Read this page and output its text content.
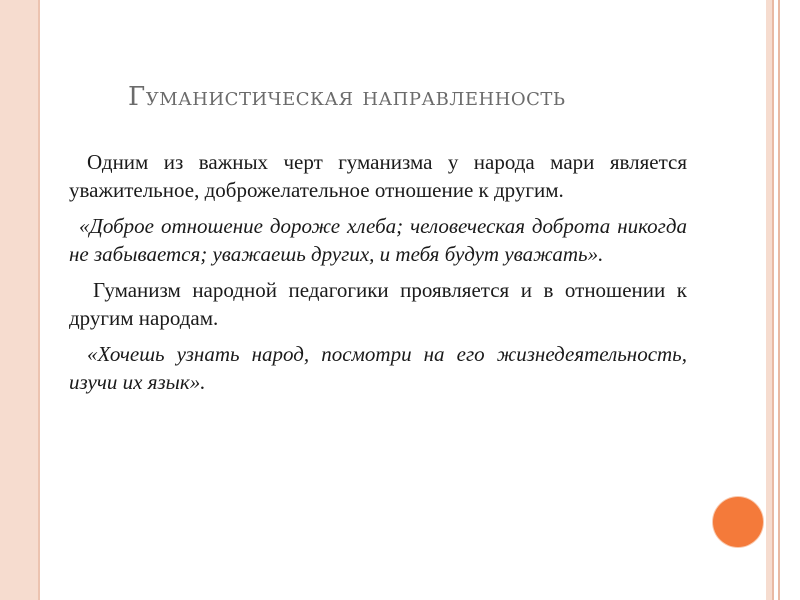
Гуманистическая направленность

Одним из важных черт гуманизма у народа мари является уважительное, доброжелательное отношение к другим.

«Доброе отношение дороже хлеба; человеческая доброта никогда не забывается; уважаешь других, и тебя будут уважать».

Гуманизм народной педагогики проявляется и в отношении к другим народам.

«Хочешь узнать народ, посмотри на его жизнедеятельность, изучи их язык».
